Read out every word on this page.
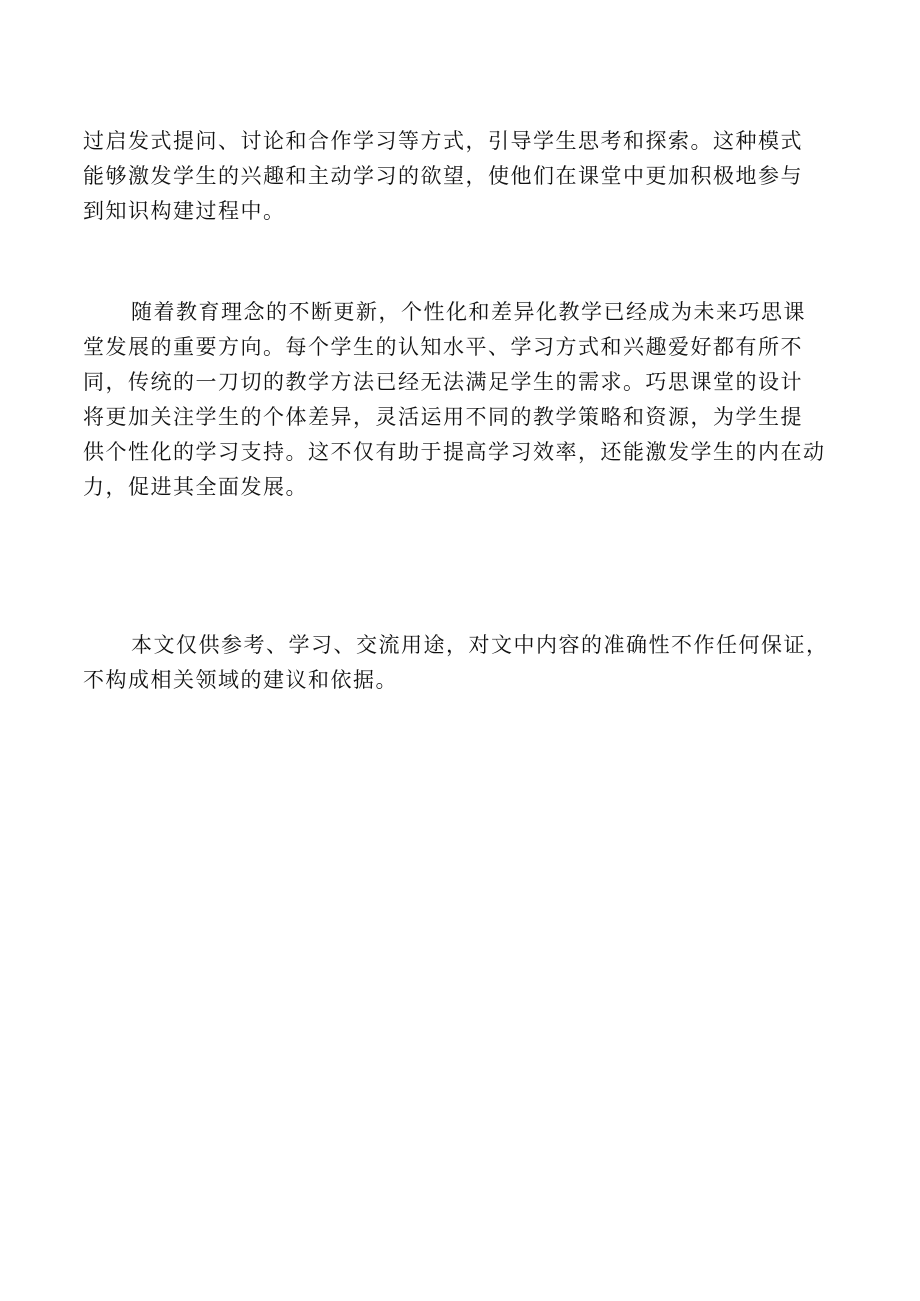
过启发式提问、讨论和合作学习等方式，引导学生思考和探索。这种模式
能够激发学生的兴趣和主动学习的欲望，使他们在课堂中更加积极地参与
到知识构建过程中。
随着教育理念的不断更新，个性化和差异化教学已经成为未来巧思课
堂发展的重要方向。每个学生的认知水平、学习方式和兴趣爱好都有所不
同，传统的一刀切的教学方法已经无法满足学生的需求。巧思课堂的设计
将更加关注学生的个体差异，灵活运用不同的教学策略和资源，为学生提
供个性化的学习支持。这不仅有助于提高学习效率，还能激发学生的内在动
力，促进其全面发展。
本文仅供参考、学习、交流用途，对文中内容的准确性不作任何保证，
不构成相关领域的建议和依据。
